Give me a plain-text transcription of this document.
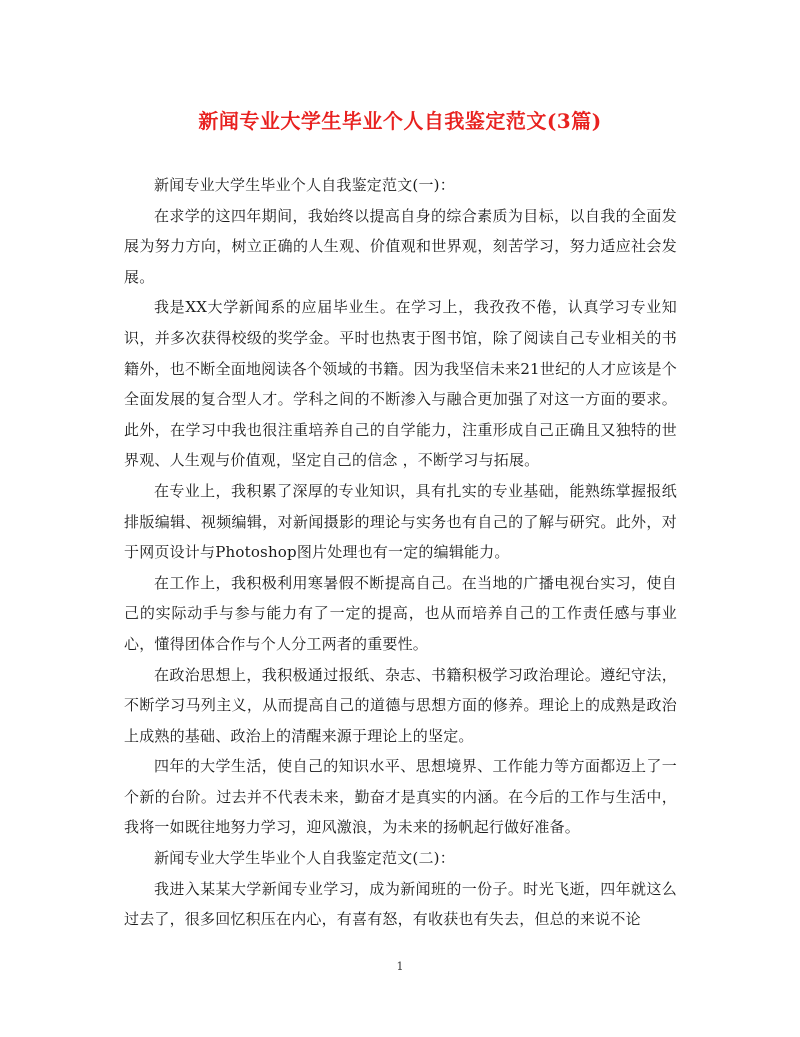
新闻专业大学生毕业个人自我鉴定范文(3篇)

新闻专业大学生毕业个人自我鉴定范文(一)：

在求学的这四年期间，我始终以提高自身的综合素质为目标，以自我的全面发展为努力方向，树立正确的人生观、价值观和世界观，刻苦学习，努力适应社会发展。

我是XX大学新闻系的应届毕业生。在学习上，我孜孜不倦，认真学习专业知识，并多次获得校级的奖学金。平时也热衷于图书馆，除了阅读自己专业相关的书籍外，也不断全面地阅读各个领域的书籍。因为我坚信未来21世纪的人才应该是个全面发展的复合型人才。学科之间的不断渗入与融合更加强了对这一方面的要求。此外，在学习中我也很注重培养自己的自学能力，注重形成自己正确且又独特的世界观、人生观与价值观，坚定自己的信念 ，不断学习与拓展。

在专业上，我积累了深厚的专业知识，具有扎实的专业基础，能熟练掌握报纸排版编辑、视频编辑，对新闻摄影的理论与实务也有自己的了解与研究。此外，对于网页设计与Photoshop图片处理也有一定的编辑能力。

在工作上，我积极利用寒暑假不断提高自己。在当地的广播电视台实习，使自己的实际动手与参与能力有了一定的提高，也从而培养自己的工作责任感与事业心，懂得团体合作与个人分工两者的重要性。

在政治思想上，我积极通过报纸、杂志、书籍积极学习政治理论。遵纪守法，不断学习马列主义，从而提高自己的道德与思想方面的修养。理论上的成熟是政治上成熟的基础、政治上的清醒来源于理论上的坚定。

四年的大学生活，使自己的知识水平、思想境界、工作能力等方面都迈上了一个新的台阶。过去并不代表未来，勤奋才是真实的内涵。在今后的工作与生活中，我将一如既往地努力学习，迎风激浪，为未来的扬帆起行做好准备。

新闻专业大学生毕业个人自我鉴定范文(二)：

我进入某某大学新闻专业学习，成为新闻班的一份子。时光飞逝，四年就这么过去了，很多回忆积压在内心，有喜有怒，有收获也有失去，但总的来说不论

1
